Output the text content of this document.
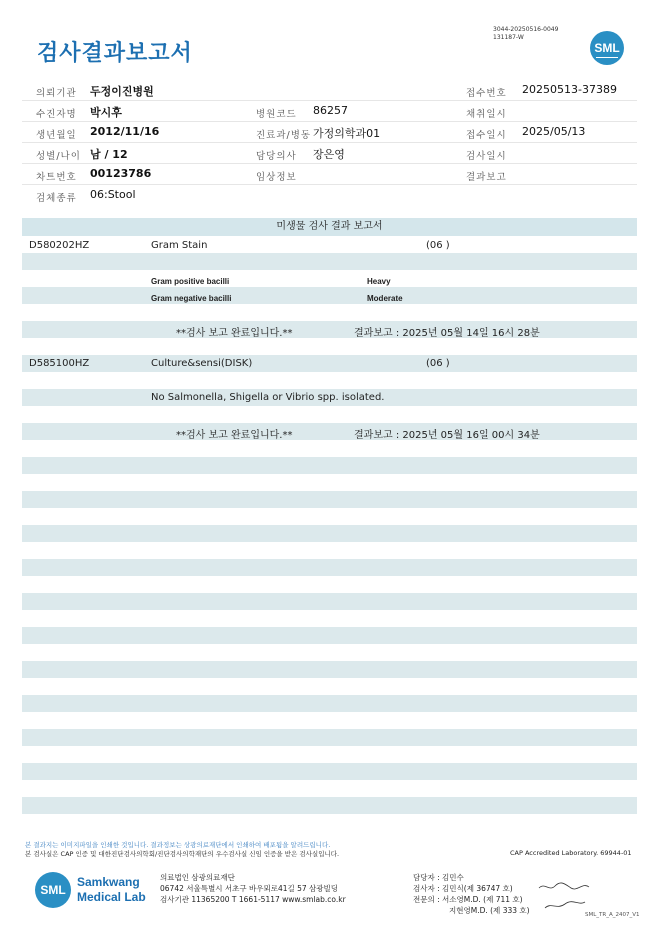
검사결과보고서
3044-20250516-0049
131187-W
SML
의뢰기관 두정이진병원	접수번호 20250513-37389
수진자명 박시후	병원코드 86257	채취일시
생년월일 2012/11/16	진료과/병동 가정의학과01	접수일시 2025/05/13
성별/나이 남 / 12	담당의사 장은영	검사일시
차트번호 00123786	임상정보	결과보고
검체종류 06:Stool
미생물 검사 결과 보고서
D580202HZ	Gram Stain	(06 )
Gram positive bacilli	Heavy
Gram negative bacilli	Moderate
**검사 보고 완료입니다.**	결과보고 : 2025년 05월 14일 16시 28분
D585100HZ	Culture&sensi(DISK)	(06 )
No Salmonella, Shigella or Vibrio spp. isolated.
**검사 보고 완료입니다.**	결과보고 : 2025년 05월 16일 00시 34분
본 결과지는 이미지파일을 인쇄한 것입니다. 결과정보는 상광의료재단에서 인쇄하여 배포됨을 알려드립니다.
본 검사실은 CAP 인증 및 대한진단검사의학회/진단검사의학재단의 우수검사실 신임 인증을 받은 검사실입니다.	CAP Accredited Laboratory. 69944-01
SML
Samkwang
Medical Lab
의료법인 삼광의료재단
06742 서울특별시 서초구 바우뫼로41길 57 삼광빌딩
검사기관 11365200 T 1661-5117 www.smlab.co.kr
담당자 : 김민수
검사자 : 김민식(제 36747 호)
전문의 : 서소영M.D. (제 711 호)
지현영M.D. (제 333 호)	SML_TR_A_2407_V1
